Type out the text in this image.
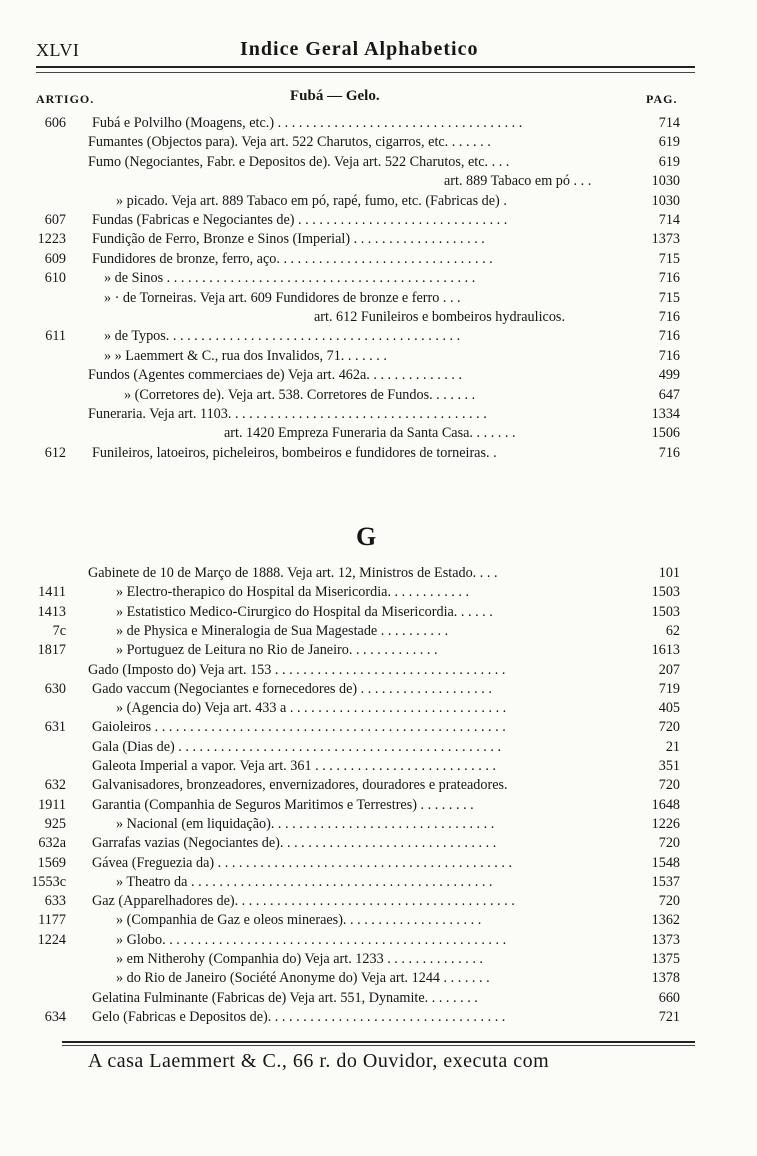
XLVI	Indice Geral Alphabetico
ARTIGO.	Fubá — Gelo.	PAG.
606 Fubá e Polvilho (Moagens, etc.) . . . . . . . . . . . . . . . . . . . . . . . . . . . . . . . . . . .	714
Fumantes (Objectos para). Veja art. 522 Charutos, cigarros, etc. . . . . . .	619
Fumo (Negociantes, Fabr. e Depositos de). Veja art. 522 Charutos, etc. . . .	619
art. 889 Tabaco em pó . . .	1030
» picado. Veja art. 889 Tabaco em pó, rapé, fumo, etc. (Fabricas de) .	1030
607 Fundas (Fabricas e Negociantes de) . . . . . . . . . . . . . . . . . . . . . . . . . . . . . .	714
1223 Fundição de Ferro, Bronze e Sinos (Imperial) . . . . . . . . . . . . . . . . . . .	1373
609 Fundidores de bronze, ferro, aço. . . . . . . . . . . . . . . . . . . . . . . . . . . . . . .	715
610	» de Sinos . . . . . . . . . . . . . . . . . . . . . . . . . . . . . . . . . . . . . . . . . . . .	716
» · de Torneiras. Veja art. 609 Fundidores de bronze e ferro . . .	715
art. 612 Funileiros e bombeiros hydraulicos.	716
611	» de Typos. . . . . . . . . . . . . . . . . . . . . . . . . . . . . . . . . . . . . . . . . .	716
» » Laemmert & C., rua dos Invalidos, 71. . . . . . .	716
Fundos (Agentes commerciaes de) Veja art. 462a. . . . . . . . . . . . . .	499
» (Corretores de). Veja art. 538. Corretores de Fundos. . . . . . .	647
Funeraria. Veja art. 1103. . . . . . . . . . . . . . . . . . . . . . . . . . . . . . . . . . . . .	1334
art. 1420 Empreza Funeraria da Santa Casa. . . . . . .	1506
612 Funileiros, latoeiros, picheleiros, bombeiros e fundidores de torneiras. .	716
G
Gabinete de 10 de Março de 1888. Veja art. 12, Ministros de Estado. . . .	101
1411	» Electro-therapico do Hospital da Misericordia. . . . . . . . . . . .	1503
1413	» Estatistico Medico-Cirurgico do Hospital da Misericordia. . . . . .	1503
7c	» de Physica e Mineralogia de Sua Magestade . . . . . . . . . .	62
1817	» Portuguez de Leitura no Rio de Janeiro. . . . . . . . . . . . .	1613
Gado (Imposto do) Veja art. 153 . . . . . . . . . . . . . . . . . . . . . . . . . . . . . . . . .	207
630 Gado vaccum (Negociantes e fornecedores de) . . . . . . . . . . . . . . . . . . .	719
» (Agencia do) Veja art. 433 a . . . . . . . . . . . . . . . . . . . . . . . . . . . . . . .	405
631 Gaioleiros . . . . . . . . . . . . . . . . . . . . . . . . . . . . . . . . . . . . . . . . . . . . . . . . . .	720
Gala (Dias de) . . . . . . . . . . . . . . . . . . . . . . . . . . . . . . . . . . . . . . . . . . . . . .	21
Galeota Imperial a vapor. Veja art. 361 . . . . . . . . . . . . . . . . . . . . . . . . . .	351
632 Galvanisadores, bronzeadores, envernizadores, douradores e prateadores.	720
1911 Garantia (Companhia de Seguros Maritimos e Terrestres) . . . . . . . .	1648
925	» Nacional (em liquidação). . . . . . . . . . . . . . . . . . . . . . . . . . . . . . . .	1226
632a Garrafas vazias (Negociantes de). . . . . . . . . . . . . . . . . . . . . . . . . . . . . . .	720
1569 Gávea (Freguezia da) . . . . . . . . . . . . . . . . . . . . . . . . . . . . . . . . . . . . . . . . . .	1548
1553c	» Theatro da . . . . . . . . . . . . . . . . . . . . . . . . . . . . . . . . . . . . . . . . . . .	1537
633 Gaz (Apparelhadores de). . . . . . . . . . . . . . . . . . . . . . . . . . . . . . . . . . . . . . . .	720
1177	» (Companhia de Gaz e oleos mineraes). . . . . . . . . . . . . . . . . . . .	1362
1224	» Globo. . . . . . . . . . . . . . . . . . . . . . . . . . . . . . . . . . . . . . . . . . . . . . . . .	1373
» em Nitherohy (Companhia do) Veja art. 1233 . . . . . . . . . . . . . .	1375
» do Rio de Janeiro (Société Anonyme do) Veja art. 1244 . . . . . . .	1378
Gelatina Fulminante (Fabricas de) Veja art. 551, Dynamite. . . . . . . .	660
634 Gelo (Fabricas e Depositos de). . . . . . . . . . . . . . . . . . . . . . . . . . . . . . . . . .	721
A casa Laemmert & C., 66 r. do Ouvidor, executa com
